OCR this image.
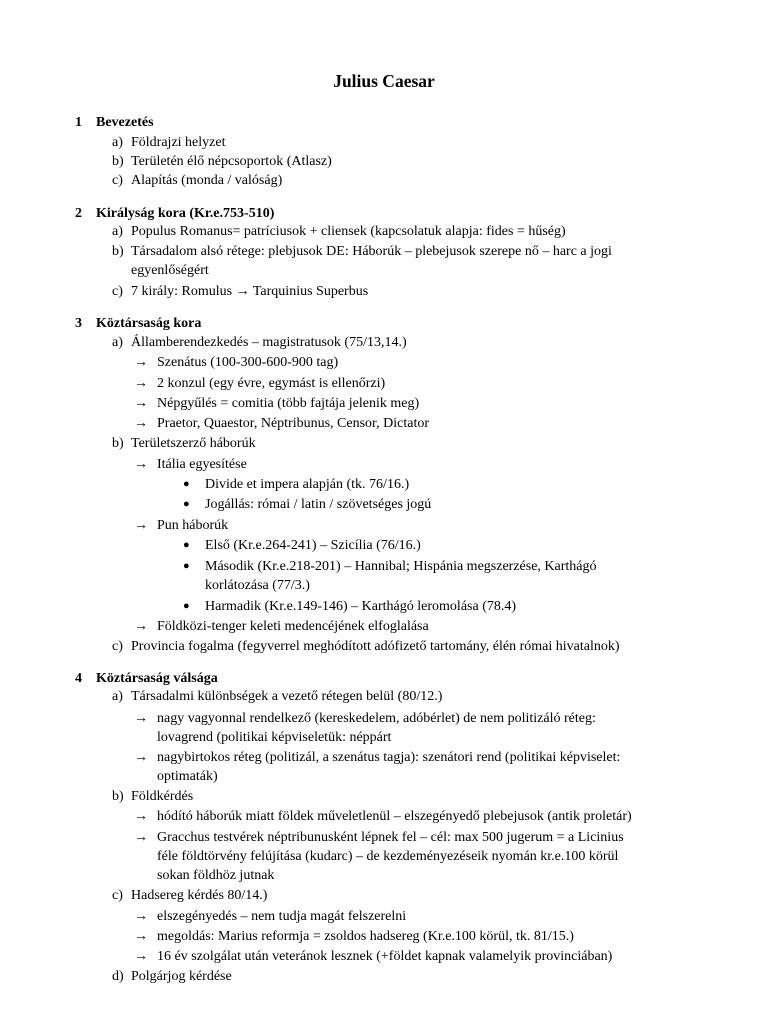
Julius Caesar
1 Bevezetés
a) Földrajzi helyzet
b) Területén élő népcsoportok (Atlasz)
c) Alapítás (monda / valóság)
2 Királyság kora (Kr.e.753-510)
a) Populus Romanus= patríciusok + cliensek (kapcsolatuk alapja: fides = hűség)
b) Társadalom alsó rétege: plebjusok DE: Háborúk – plebejusok szerepe nő – harc a jogi
egyenlőségért
c) 7 király: Romulus → Tarquinius Superbus
3 Köztársaság kora
a) Államberendezkedés – magistratusok (75/13,14.)
→ Szenátus (100-300-600-900 tag)
→ 2 konzul (egy évre, egymást is ellenőrzi)
→ Népgyűlés = comitia (több fajtája jelenik meg)
→ Praetor, Quaestor, Néptribunus, Censor, Dictator
b) Területszerző háborúk
→ Itália egyesítése
● Divide et impera alapján (tk. 76/16.)
● Jogállás: római / latin / szövetséges jogú
→ Pun háborúk
● Első (Kr.e.264-241) – Szicília (76/16.)
● Második (Kr.e.218-201) – Hannibal; Hispánia megszerzése, Karthágó
korlátozása (77/3.)
● Harmadik (Kr.e.149-146) – Karthágó leromolása (78.4)
→ Földközi-tenger keleti medencéjének elfoglalása
c) Provincia fogalma (fegyverrel meghódított adófizető tartomány, élén római hivatalnok)
4 Köztársaság válsága
a) Társadalmi különbségek a vezető rétegen belül (80/12.)
→ nagy vagyonnal rendelkező (kereskedelem, adóbérlet) de nem politizáló réteg:
lovagrend (politikai képviseletük: néppárt
→ nagybirtokos réteg (politizál, a szenátus tagja): szenátori rend (politikai képviselet:
optimaták)
b) Földkérdés
→ hódító háborúk miatt földek műveletlenül – elszegényedő plebejusok (antik proletár)
→ Gracchus testvérek néptribunusként lépnek fel – cél: max 500 jugerum = a Licinius
féle földtörvény felújítása (kudarc) – de kezdeményezéseik nyomán kr.e.100 körül
sokan földhöz jutnak
c) Hadsereg kérdés 80/14.)
→ elszegényedés – nem tudja magát felszerelni
→ megoldás: Marius reformja = zsoldos hadsereg (Kr.e.100 körül, tk. 81/15.)
→ 16 év szolgálat után veteránok lesznek (+földet kapnak valamelyik provinciában)
d) Polgárjog kérdése
